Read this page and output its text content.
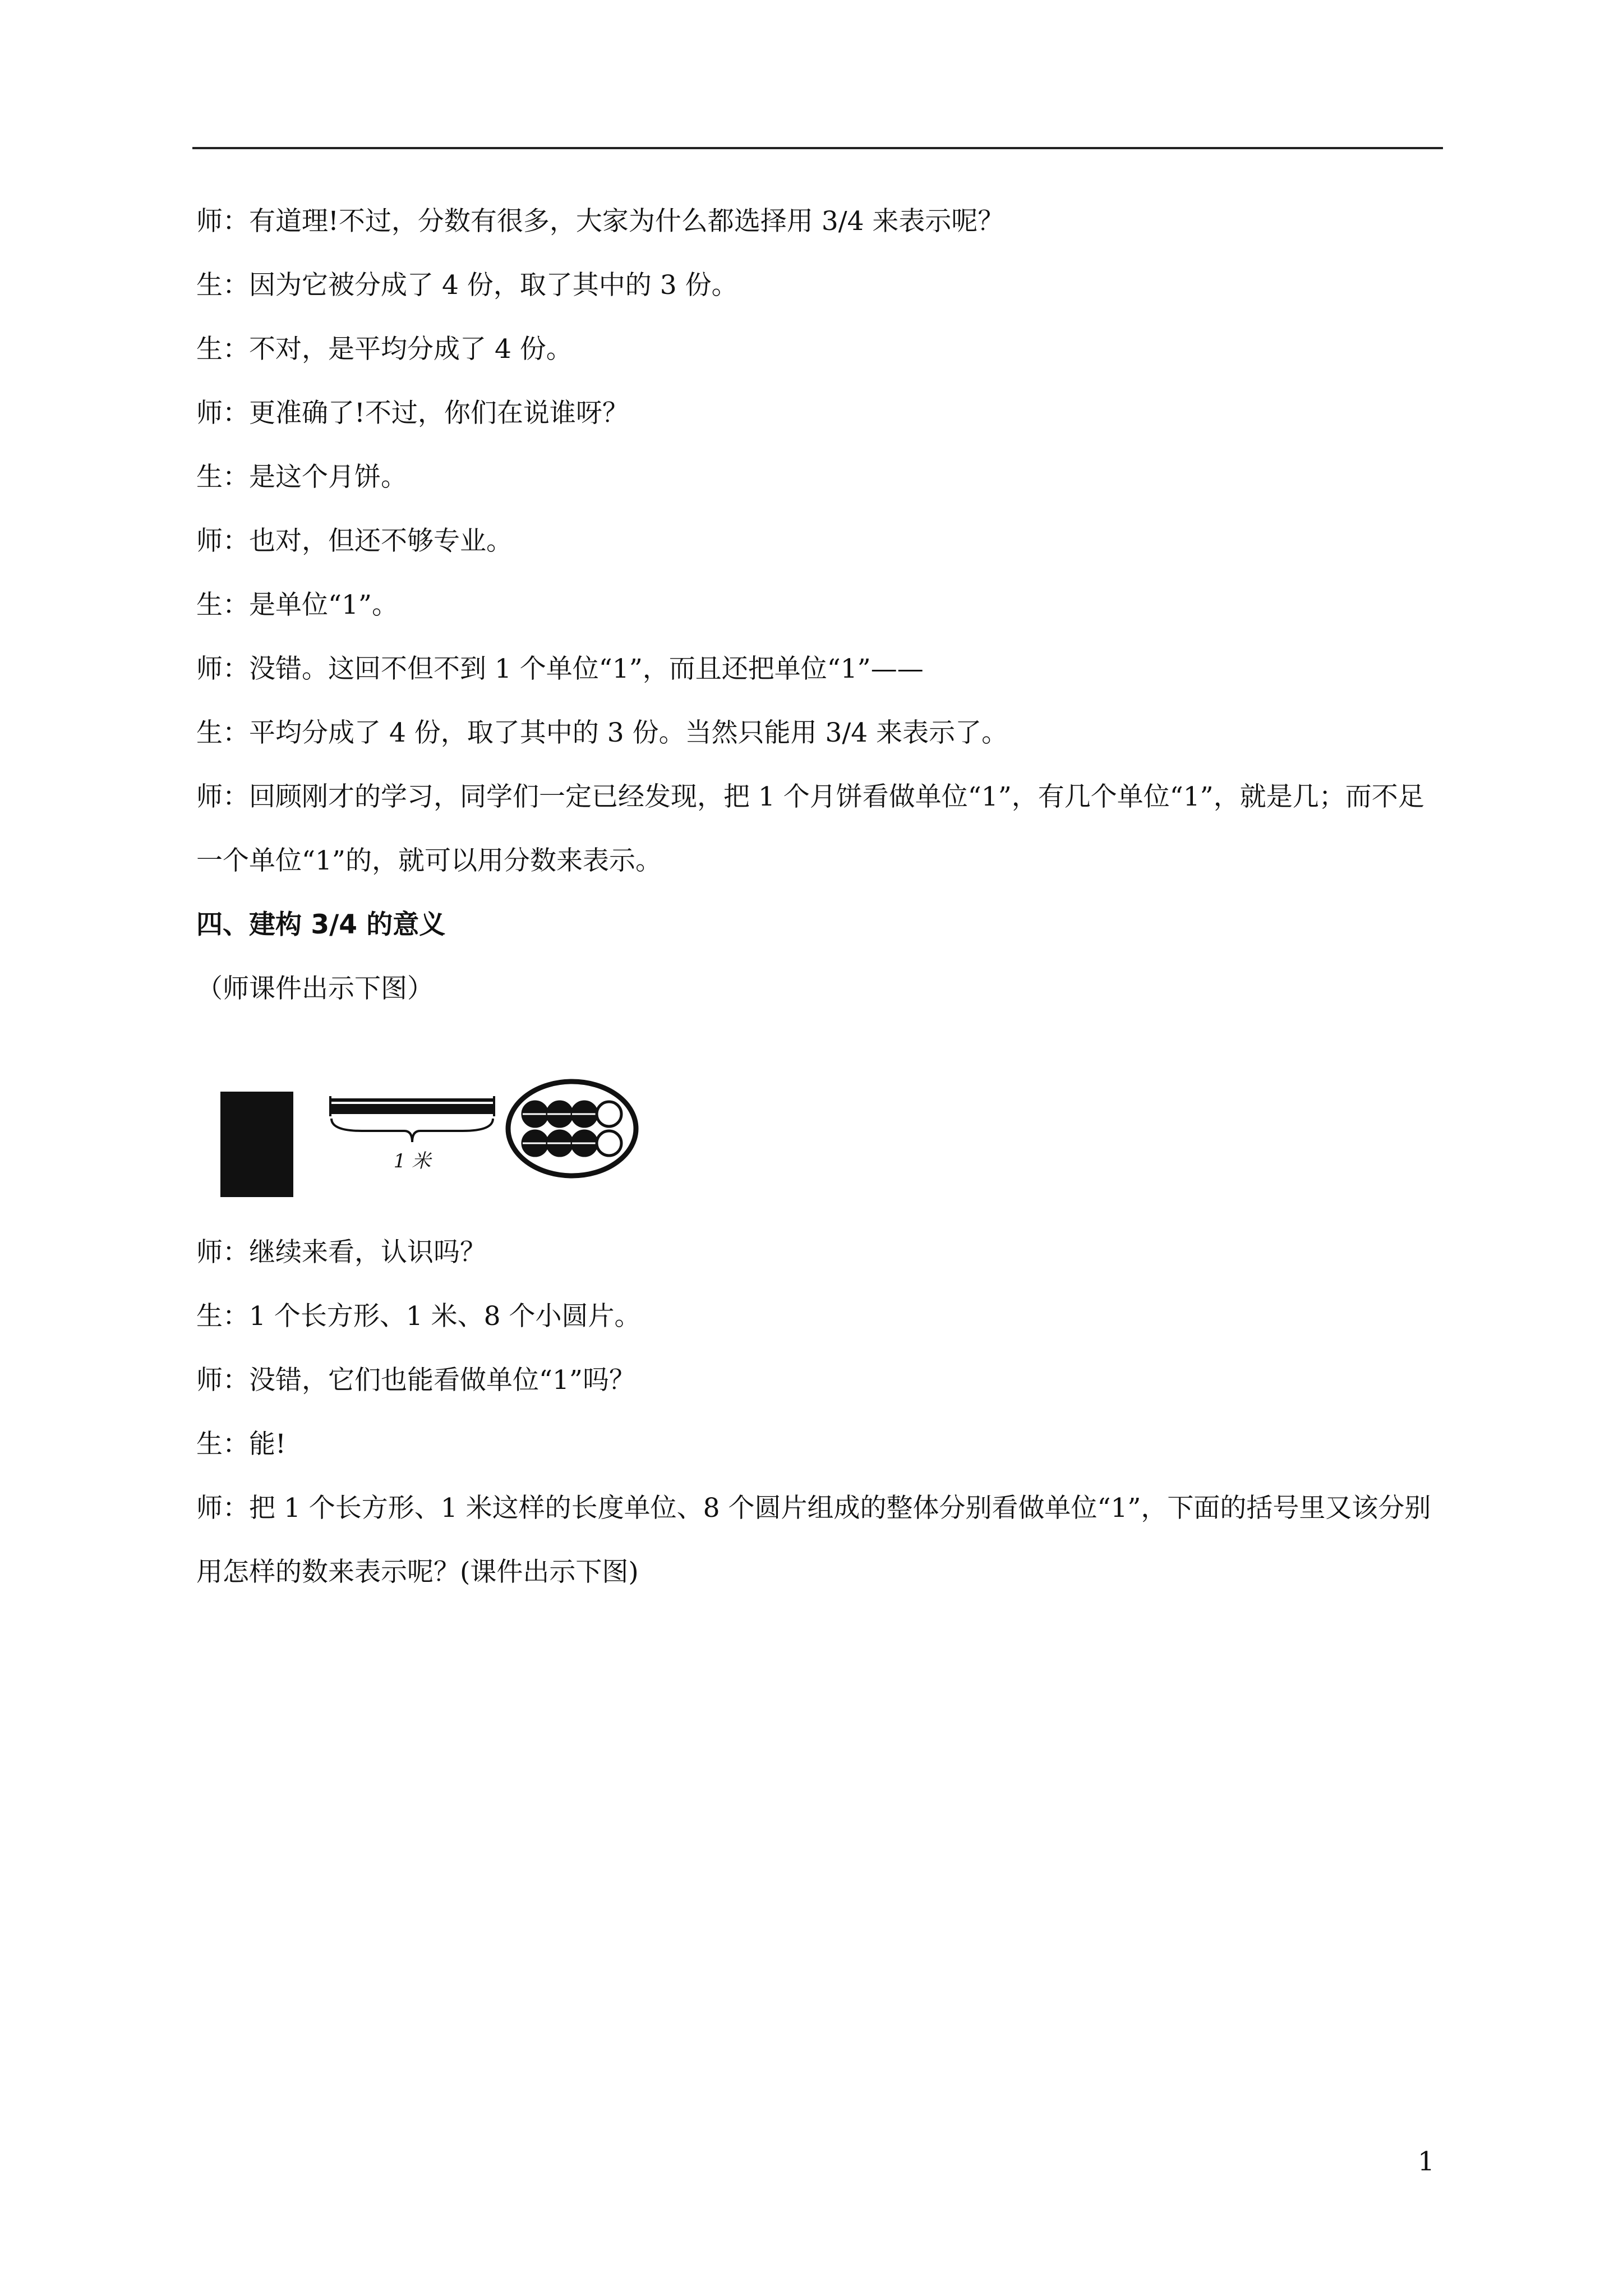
师：有道理!不过，分数有很多，大家为什么都选择用 3/4 来表示呢？

生：因为它被分成了 4 份，取了其中的 3 份。

生：不对，是平均分成了 4 份。

师：更准确了!不过，你们在说谁呀？

生：是这个月饼。

师：也对，但还不够专业。

生：是单位“1”。

师：没错。这回不但不到 1 个单位“1”，而且还把单位“1”——

生：平均分成了 4 份，取了其中的 3 份。当然只能用 3/4 来表示了。

师：回顾刚才的学习，同学们一定已经发现，把 1 个月饼看做单位“1”，有几个单位“1”，就是几；而不足一个单位“1”的，就可以用分数来表示。

四、建构 3/4 的意义

（师课件出示下图）

1 米

师：继续来看，认识吗？

生：1 个长方形、1 米、8 个小圆片。

师：没错，它们也能看做单位“1”吗？

生：能!

师：把 1 个长方形、1 米这样的长度单位、8 个圆片组成的整体分别看做单位“1”，下面的括号里又该分别用怎样的数来表示呢？(课件出示下图)

1
